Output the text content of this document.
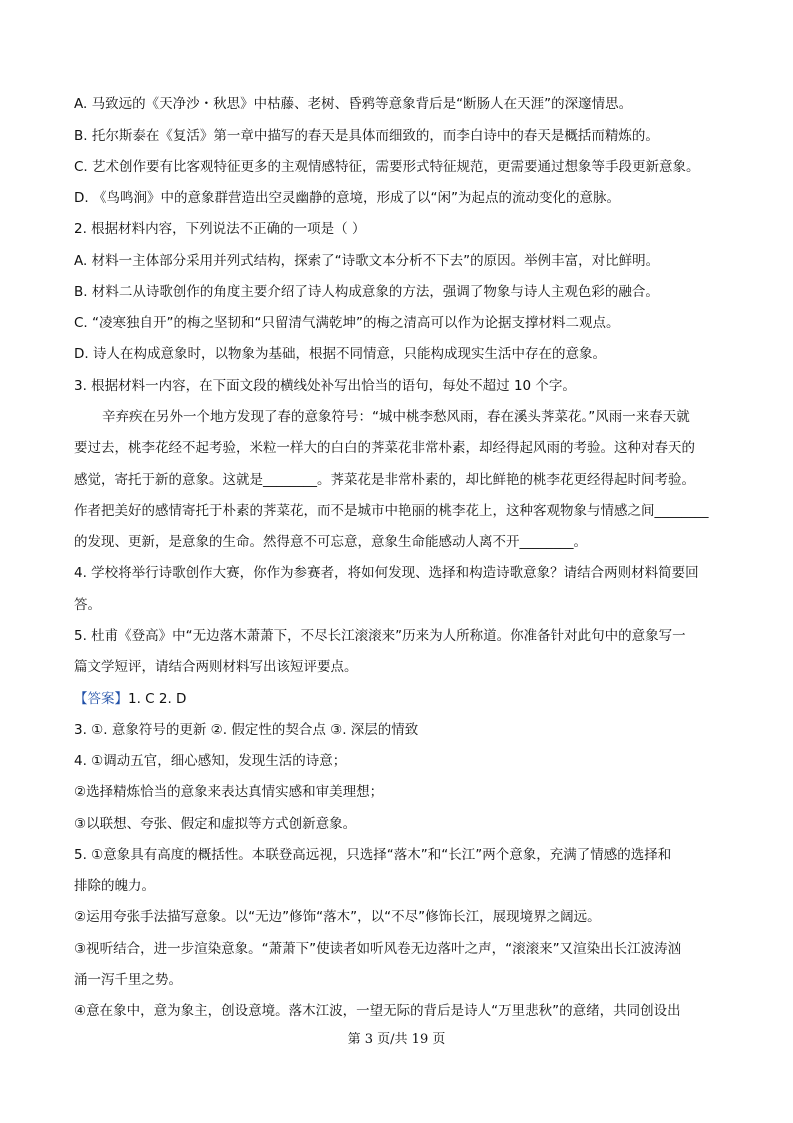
A. 马致远的《天净沙・秋思》中枯藤、老树、昏鸦等意象背后是“断肠人在天涯”的深邃情思。
B. 托尔斯泰在《复活》第一章中描写的春天是具体而细致的，而李白诗中的春天是概括而精炼的。
C. 艺术创作要有比客观特征更多的主观情感特征，需要形式特征规范，更需要通过想象等手段更新意象。
D. 《鸟鸣涧》中的意象群营造出空灵幽静的意境，形成了以“闲”为起点的流动变化的意脉。
2. 根据材料内容，下列说法不正确的一项是（ ）
A. 材料一主体部分采用并列式结构，探索了“诗歌文本分析不下去”的原因。举例丰富，对比鲜明。
B. 材料二从诗歌创作的角度主要介绍了诗人构成意象的方法，强调了物象与诗人主观色彩的融合。
C. “凌寒独自开”的梅之坚韧和“只留清气满乾坤”的梅之清高可以作为论据支撑材料二观点。
D. 诗人在构成意象时，以物象为基础，根据不同情意，只能构成现实生活中存在的意象。
3. 根据材料一内容，在下面文段的横线处补写出恰当的语句，每处不超过 10 个字。
辛弃疾在另外一个地方发现了春的意象符号：“城中桃李愁风雨，春在溪头荠菜花。”风雨一来春天就
要过去，桃李花经不起考验，米粒一样大的白白的荠菜花非常朴素，却经得起风雨的考验。这种对春天的
感觉，寄托于新的意象。这就是________。荠菜花是非常朴素的，却比鲜艳的桃李花更经得起时间考验。
作者把美好的感情寄托于朴素的荠菜花，而不是城市中艳丽的桃李花上，这种客观物象与情感之间________
的发现、更新，是意象的生命。然得意不可忘意，意象生命能感动人离不开________。
4. 学校将举行诗歌创作大赛，你作为参赛者，将如何发现、选择和构造诗歌意象？请结合两则材料简要回
答。
5. 杜甫《登高》中“无边落木萧萧下，不尽长江滚滚来”历来为人所称道。你准备针对此句中的意象写一
篇文学短评，请结合两则材料写出该短评要点。
【答案】1. C 2. D
3. ①. 意象符号的更新 ②. 假定性的契合点 ③. 深层的情致
4. ①调动五官，细心感知，发现生活的诗意；
②选择精炼恰当的意象来表达真情实感和审美理想；
③以联想、夸张、假定和虚拟等方式创新意象。
5. ①意象具有高度的概括性。本联登高远视，只选择“落木”和“长江”两个意象，充满了情感的选择和
排除的魄力。
②运用夸张手法描写意象。以“无边”修饰“落木”，以“不尽”修饰长江，展现境界之阔远。
③视听结合，进一步渲染意象。“萧萧下”使读者如听风卷无边落叶之声，“滚滚来”又渲染出长江波涛汹
涌一泻千里之势。
④意在象中，意为象主，创设意境。落木江波，一望无际的背后是诗人“万里悲秋”的意绪，共同创设出
第 3 页/共 19 页
